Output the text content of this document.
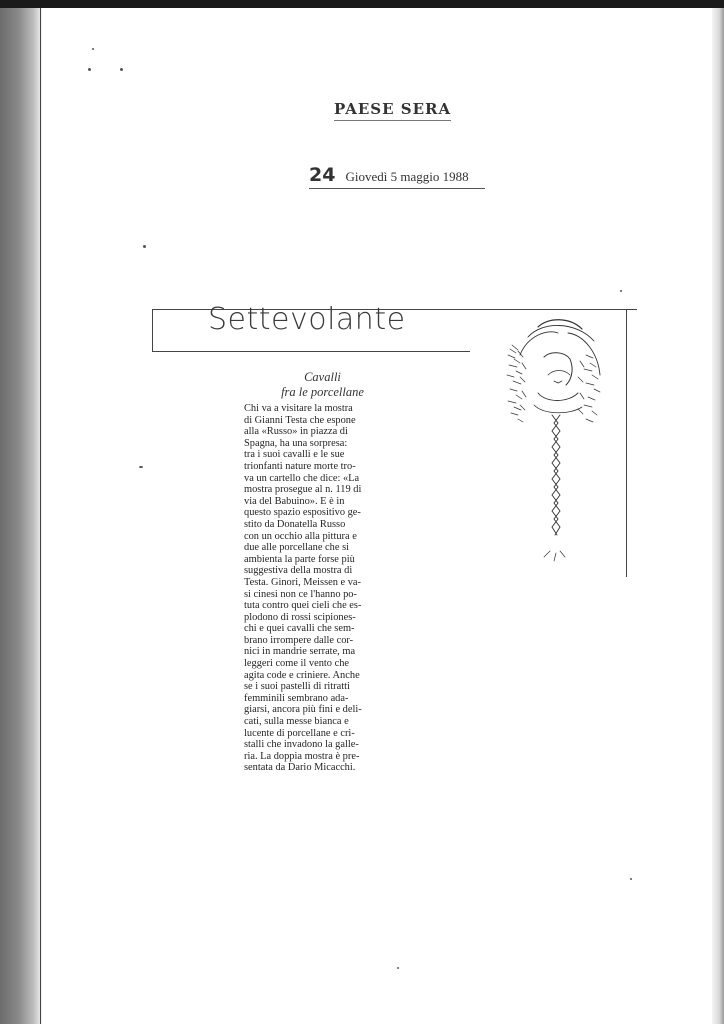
PAESE SERA
24 Giovedì 5 maggio 1988
Settevolante
Cavalli
fra le porcellane
Chi va a visitare la mostra
di Gianni Testa che espone
alla «Russo» in piazza di
Spagna, ha una sorpresa:
tra i suoi cavalli e le sue
trionfanti nature morte tro-
va un cartello che dice: «La
mostra prosegue al n. 119 di
via del Babuino». E è in
questo spazio espositivo ge-
stito da Donatella Russo
con un occhio alla pittura e
due alle porcellane che si
ambienta la parte forse più
suggestiva della mostra di
Testa. Ginori, Meissen e va-
si cinesi non ce l'hanno po-
tuta contro quei cieli che es-
plodono di rossi scipiones-
chi e quei cavalli che sem-
brano irrompere dalle cor-
nici in mandrie serrate, ma
leggeri come il vento che
agita code e criniere. Anche
se i suoi pastelli di ritratti
femminili sembrano ada-
giarsi, ancora più fini e deli-
cati, sulla messe bianca e
lucente di porcellane e cri-
stalli che invadono la galle-
ria. La doppia mostra è pre-
sentata da Dario Micacchi.
